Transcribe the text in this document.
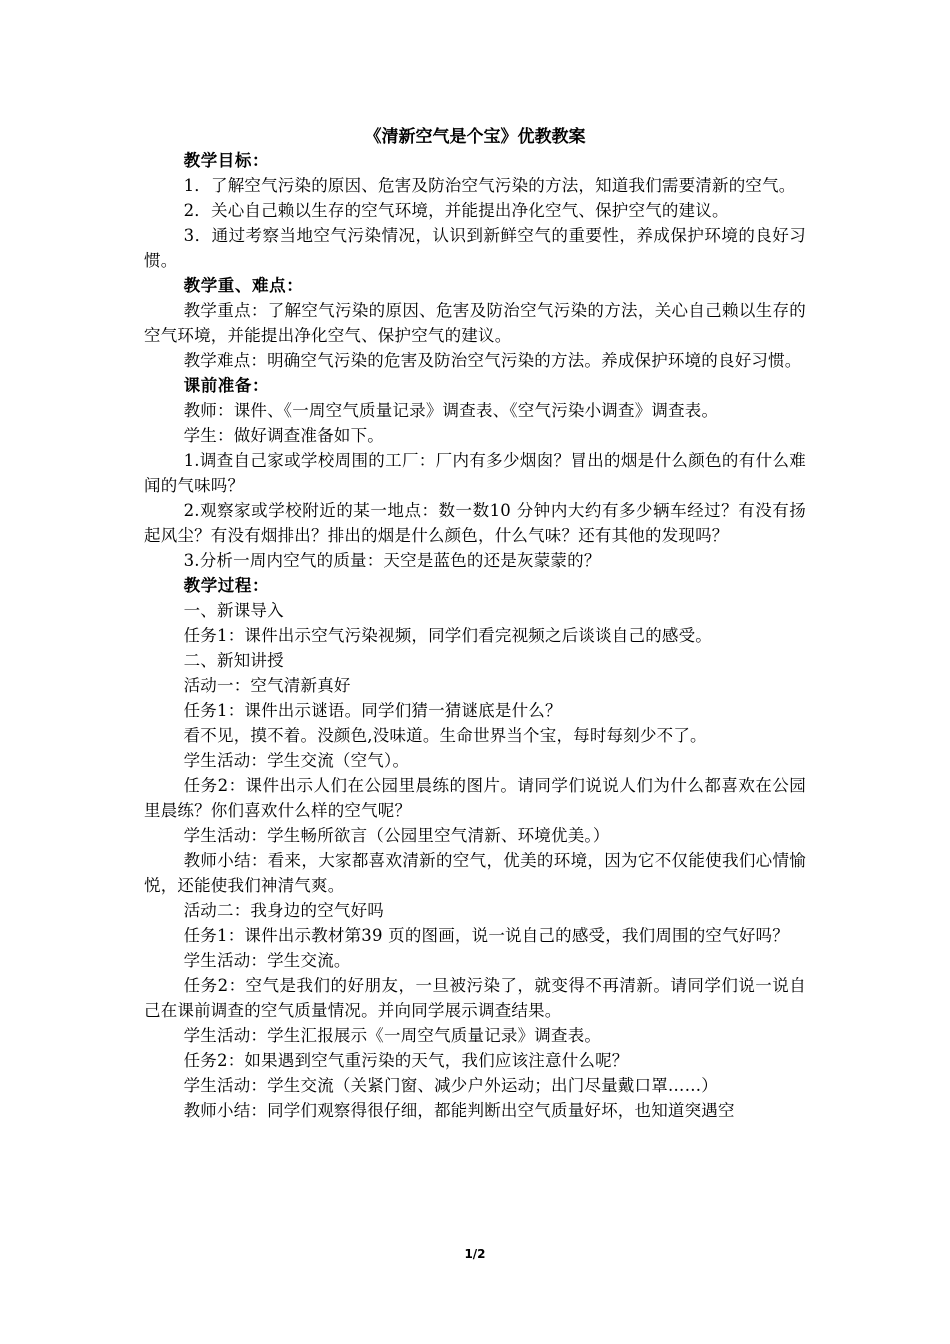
《清新空气是个宝》优教教案

教学目标：

1．了解空气污染的原因、危害及防治空气污染的方法，知道我们需要清新的空气。

2．关心自己赖以生存的空气环境，并能提出净化空气、保护空气的建议。

3．通过考察当地空气污染情况，认识到新鲜空气的重要性，养成保护环境的良好习惯。

教学重、难点：

教学重点：了解空气污染的原因、危害及防治空气污染的方法，关心自己赖以生存的空气环境，并能提出净化空气、保护空气的建议。

教学难点：明确空气污染的危害及防治空气污染的方法。养成保护环境的良好习惯。

课前准备：

教师：课件、《一周空气质量记录》调查表、《空气污染小调查》调查表。

学生：做好调查准备如下。

1.调查自己家或学校周围的工厂：厂内有多少烟囱？冒出的烟是什么颜色的有什么难闻的气味吗？

2.观察家或学校附近的某一地点：数一数10 分钟内大约有多少辆车经过？有没有扬起风尘？有没有烟排出？排出的烟是什么颜色，什么气味？还有其他的发现吗？

3.分析一周内空气的质量：天空是蓝色的还是灰蒙蒙的？

教学过程：

一、新课导入

任务1：课件出示空气污染视频，同学们看完视频之后谈谈自己的感受。

二、新知讲授

活动一：空气清新真好

任务1：课件出示谜语。同学们猜一猜谜底是什么？

看不见，摸不着。没颜色,没味道。生命世界当个宝，每时每刻少不了。

学生活动：学生交流（空气）。

任务2：课件出示人们在公园里晨练的图片。请同学们说说人们为什么都喜欢在公园里晨练？你们喜欢什么样的空气呢？

学生活动：学生畅所欲言（公园里空气清新、环境优美。）

教师小结：看来，大家都喜欢清新的空气，优美的环境，因为它不仅能使我们心情愉悦，还能使我们神清气爽。

活动二：我身边的空气好吗

任务1：课件出示教材第39 页的图画，说一说自己的感受，我们周围的空气好吗？

学生活动：学生交流。

任务2：空气是我们的好朋友，一旦被污染了，就变得不再清新。请同学们说一说自己在课前调查的空气质量情况。并向同学展示调查结果。

学生活动：学生汇报展示《一周空气质量记录》调查表。

任务2：如果遇到空气重污染的天气，我们应该注意什么呢？

学生活动：学生交流（关紧门窗、减少户外运动；出门尽量戴口罩……）

教师小结：同学们观察得很仔细，都能判断出空气质量好坏，也知道突遇空

1/2
